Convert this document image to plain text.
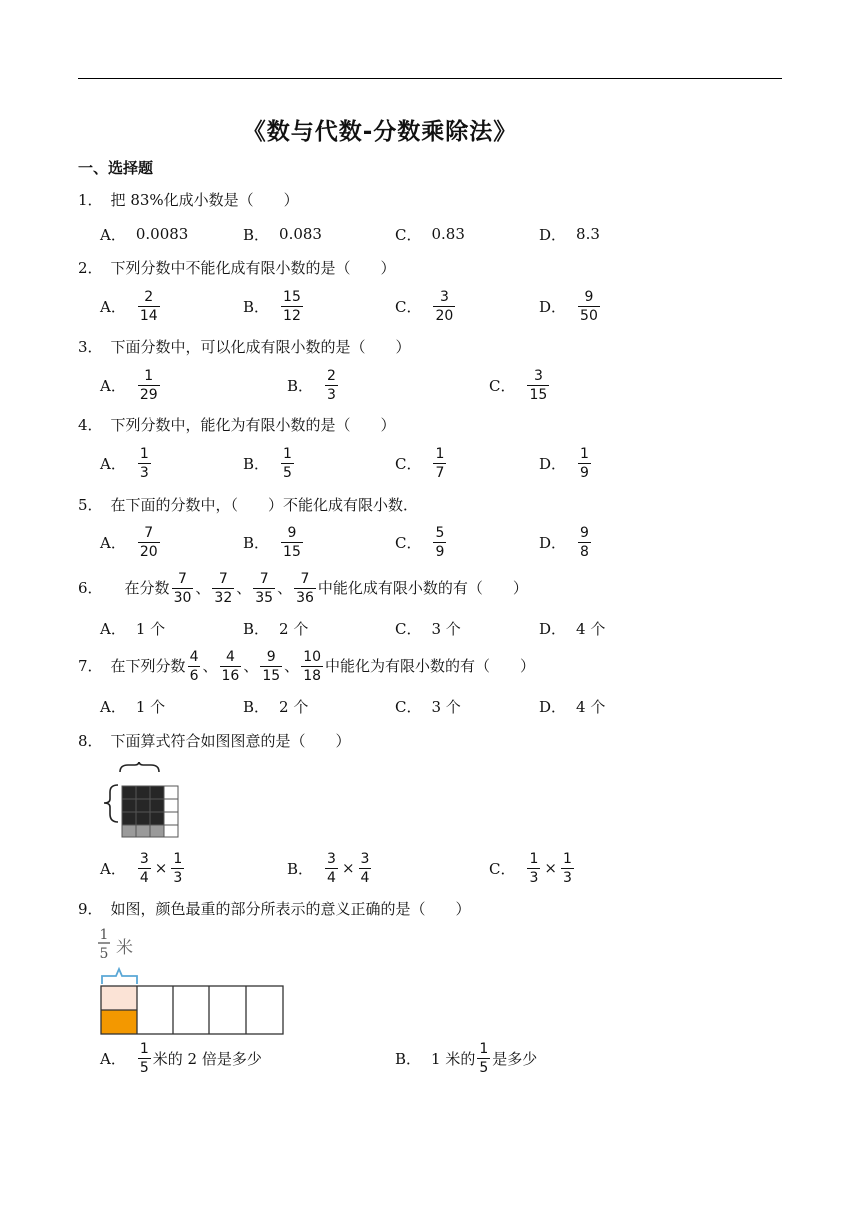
《数与代数-分数乘除法》
一、选择题
1． 把 83%化成小数是（　　）
A． 0.0083	B． 0.083	C． 0.83	D． 8.3
2． 下列分数中不能化成有限小数的是（　　）
A． $\frac{2}{14}$	B． $\frac{15}{12}$	C． $\frac{3}{20}$	D． $\frac{9}{50}$
3． 下面分数中，可以化成有限小数的是（　　）
A． $\frac{1}{29}$	B． $\frac{2}{3}$	C． $\frac{3}{15}$
4． 下列分数中，能化为有限小数的是（　　）
A． $\frac{1}{3}$	B． $\frac{1}{5}$	C． $\frac{1}{7}$	D． $\frac{1}{9}$
5． 在下面的分数中，（　　）不能化成有限小数．
A． $\frac{7}{20}$	B． $\frac{9}{15}$	C． $\frac{5}{9}$	D． $\frac{9}{8}$
6． 在分数 $\frac{7}{30}$ 、 $\frac{7}{32}$ 、 $\frac{7}{35}$ 、 $\frac{7}{36}$ 中能化成有限小数的有（　　）
A． 1 个	B． 2 个	C． 3 个	D． 4 个
7． 在下列分数 $\frac{4}{6}$ 、 $\frac{4}{16}$ 、 $\frac{9}{15}$ 、 $\frac{10}{18}$ 中能化为有限小数的有（　　）
A． 1 个	B． 2 个	C． 3 个	D． 4 个
8． 下面算式符合如图图意的是（　　）
A． $\frac{3}{4} \times \frac{1}{3}$	B． $\frac{3}{4} \times \frac{3}{4}$	C． $\frac{1}{3} \times \frac{1}{3}$
9． 如图，颜色最重的部分所表示的意义正确的是（　　）
1
5 米
A． $\frac{1}{5}$ 米的 2 倍是多少	B． 1 米的 $\frac{1}{5}$ 是多少
